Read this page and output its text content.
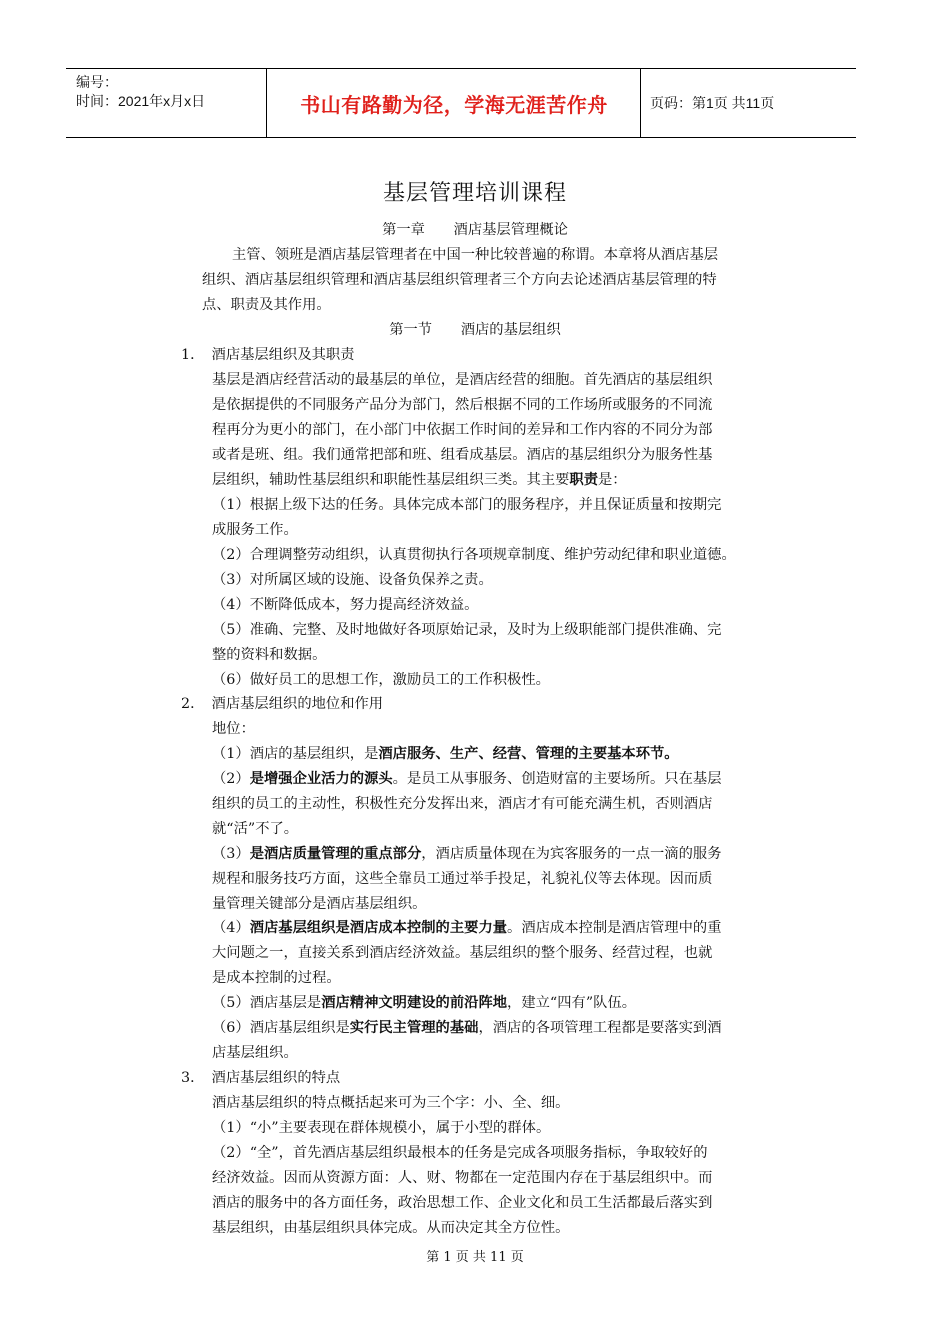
编号：
时间：2021年x月x日	书山有路勤为径，学海无涯苦作舟	页码：第1页 共11页
基层管理培训课程
第一章　　酒店基层管理概论
主管、领班是酒店基层管理者在中国一种比较普遍的称谓。本章将从酒店基层
组织、酒店基层组织管理和酒店基层组织管理者三个方向去论述酒店基层管理的特
点、职责及其作用。
第一节　　酒店的基层组织
1．　酒店基层组织及其职责
基层是酒店经营活动的最基层的单位，是酒店经营的细胞。首先酒店的基层组织
是依据提供的不同服务产品分为部门，然后根据不同的工作场所或服务的不同流
程再分为更小的部门，在小部门中依据工作时间的差异和工作内容的不同分为部
或者是班、组。我们通常把部和班、组看成基层。酒店的基层组织分为服务性基
层组织，辅助性基层组织和职能性基层组织三类。其主要职责是：
（1）根据上级下达的任务。具体完成本部门的服务程序，并且保证质量和按期完
成服务工作。
（2）合理调整劳动组织，认真贯彻执行各项规章制度、维护劳动纪律和职业道德。
（3）对所属区域的设施、设备负保养之责。
（4）不断降低成本，努力提高经济效益。
（5）准确、完整、及时地做好各项原始记录，及时为上级职能部门提供准确、完
整的资料和数据。
（6）做好员工的思想工作，激励员工的工作积极性。
2．　酒店基层组织的地位和作用
地位：
（1）酒店的基层组织，是酒店服务、生产、经营、管理的主要基本环节。
（2）是增强企业活力的源头。是员工从事服务、创造财富的主要场所。只在基层
组织的员工的主动性，积极性充分发挥出来，酒店才有可能充满生机，否则酒店
就“活”不了。
（3）是酒店质量管理的重点部分，酒店质量体现在为宾客服务的一点一滴的服务
规程和服务技巧方面，这些全靠员工通过举手投足，礼貌礼仪等去体现。因而质
量管理关键部分是酒店基层组织。
（4）酒店基层组织是酒店成本控制的主要力量。酒店成本控制是酒店管理中的重
大问题之一，直接关系到酒店经济效益。基层组织的整个服务、经营过程，也就
是成本控制的过程。
（5）酒店基层是酒店精神文明建设的前沿阵地，建立“四有”队伍。
（6）酒店基层组织是实行民主管理的基础，酒店的各项管理工程都是要落实到酒
店基层组织。
3．　酒店基层组织的特点
酒店基层组织的特点概括起来可为三个字：小、全、细。
（1）“小”主要表现在群体规模小，属于小型的群体。
（2）“全”，首先酒店基层组织最根本的任务是完成各项服务指标，争取较好的
经济效益。因而从资源方面：人、财、物都在一定范围内存在于基层组织中。而
酒店的服务中的各方面任务，政治思想工作、企业文化和员工生活都最后落实到
基层组织，由基层组织具体完成。从而决定其全方位性。
第 1 页 共 11 页
